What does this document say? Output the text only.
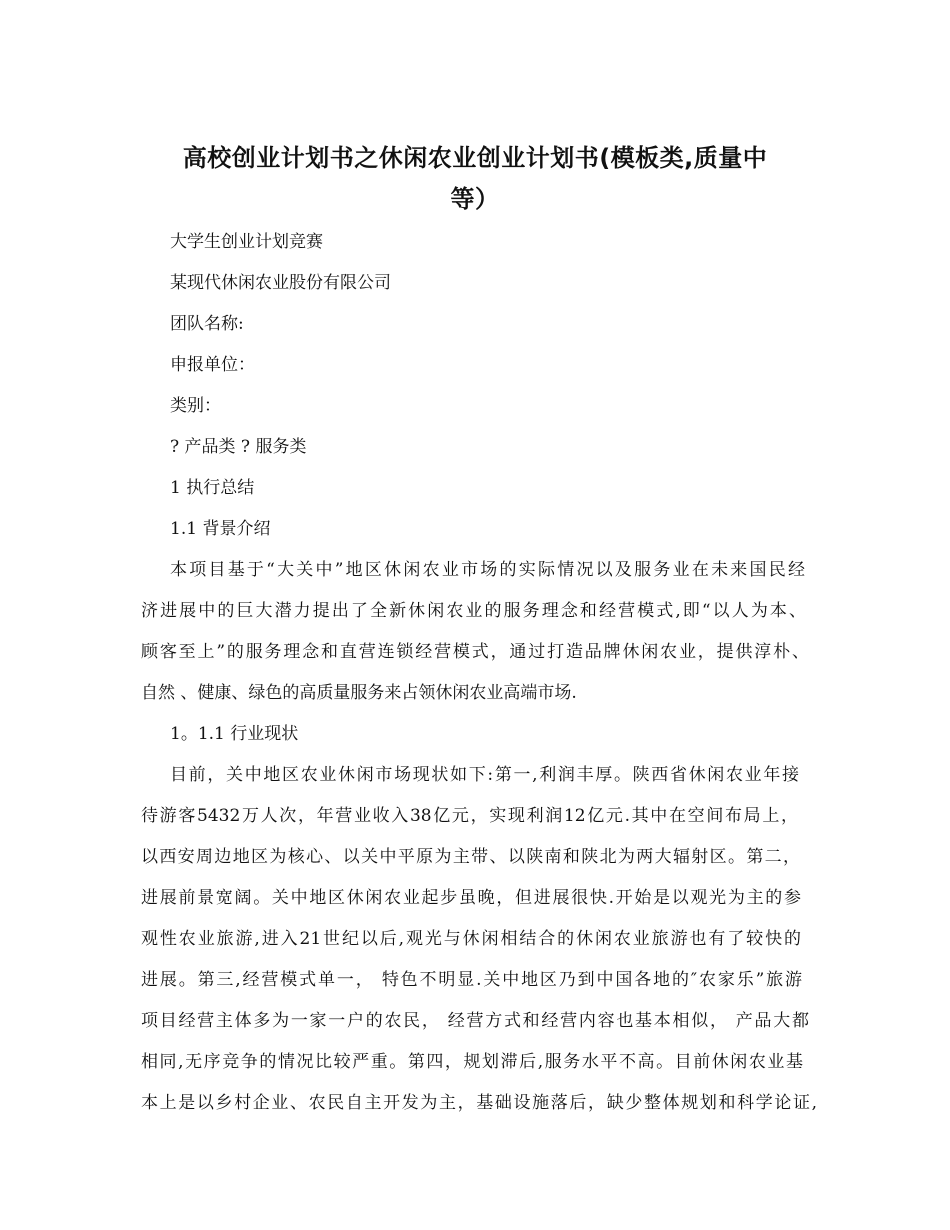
高校创业计划书之休闲农业创业计划书(模板类,质量中
等）
大学生创业计划竞赛
某现代休闲农业股份有限公司
团队名称:
申报单位：
类别：
? 产品类 ? 服务类
1 执行总结
1.1 背景介绍
本项目基于“大关中”地区休闲农业市场的实际情况以及服务业在未来国民经
济进展中的巨大潜力提出了全新休闲农业的服务理念和经营模式,即“以人为本、
顾客至上”的服务理念和直营连锁经营模式，通过打造品牌休闲农业，提供淳朴、
自然 、健康、绿色的高质量服务来占领休闲农业高端市场.
1。1.1 行业现状
目前，关中地区农业休闲市场现状如下:第一,利润丰厚。陕西省休闲农业年接
待游客5432万人次，年营业收入38亿元，实现利润12亿元.其中在空间布局上，
以西安周边地区为核心、以关中平原为主带、以陕南和陕北为两大辐射区。第二，
进展前景宽阔。关中地区休闲农业起步虽晚，但进展很快.开始是以观光为主的参
观性农业旅游,进入21世纪以后,观光与休闲相结合的休闲农业旅游也有了较快的
进展。第三,经营模式单一， 特色不明显.关中地区乃到中国各地的″农家乐”旅游
项目经营主体多为一家一户的农民， 经营方式和经营内容也基本相似， 产品大都
相同,无序竞争的情况比较严重。第四，规划滞后,服务水平不高。目前休闲农业基
本上是以乡村企业、农民自主开发为主，基础设施落后，缺少整体规划和科学论证,
